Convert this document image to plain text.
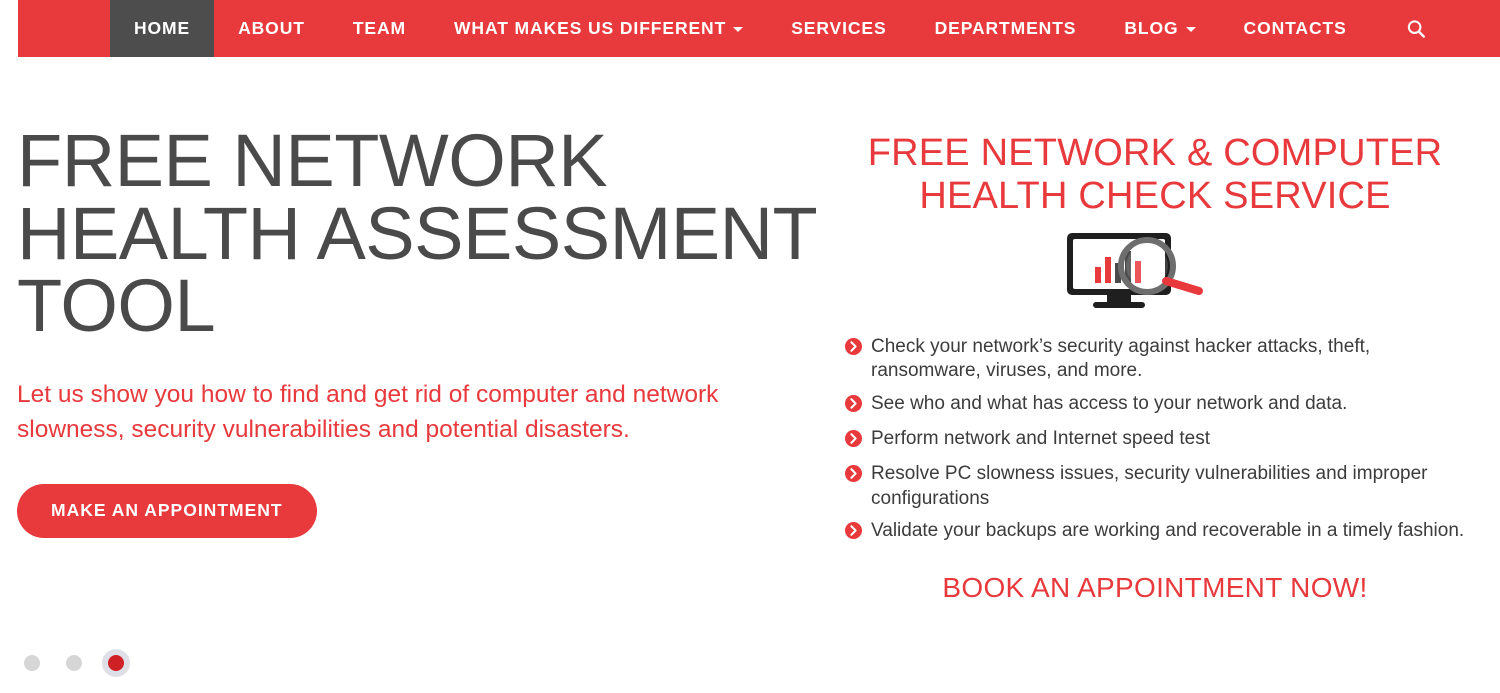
HOME	ABOUT	TEAM	WHAT MAKES US DIFFERENT	SERVICES	DEPARTMENTS	BLOG	CONTACTS
FREE NETWORK HEALTH ASSESSMENT TOOL

Let us show you how to find and get rid of computer and network slowness, security vulnerabilities and potential disasters.

MAKE AN APPOINTMENT
FREE NETWORK & COMPUTER HEALTH CHECK SERVICE
Check your network’s security against hacker attacks, theft, ransomware, viruses, and more.
See who and what has access to your network and data.
Perform network and Internet speed test
Resolve PC slowness issues, security vulnerabilities and improper configurations
Validate your backups are working and recoverable in a timely fashion.
BOOK AN APPOINTMENT NOW!
